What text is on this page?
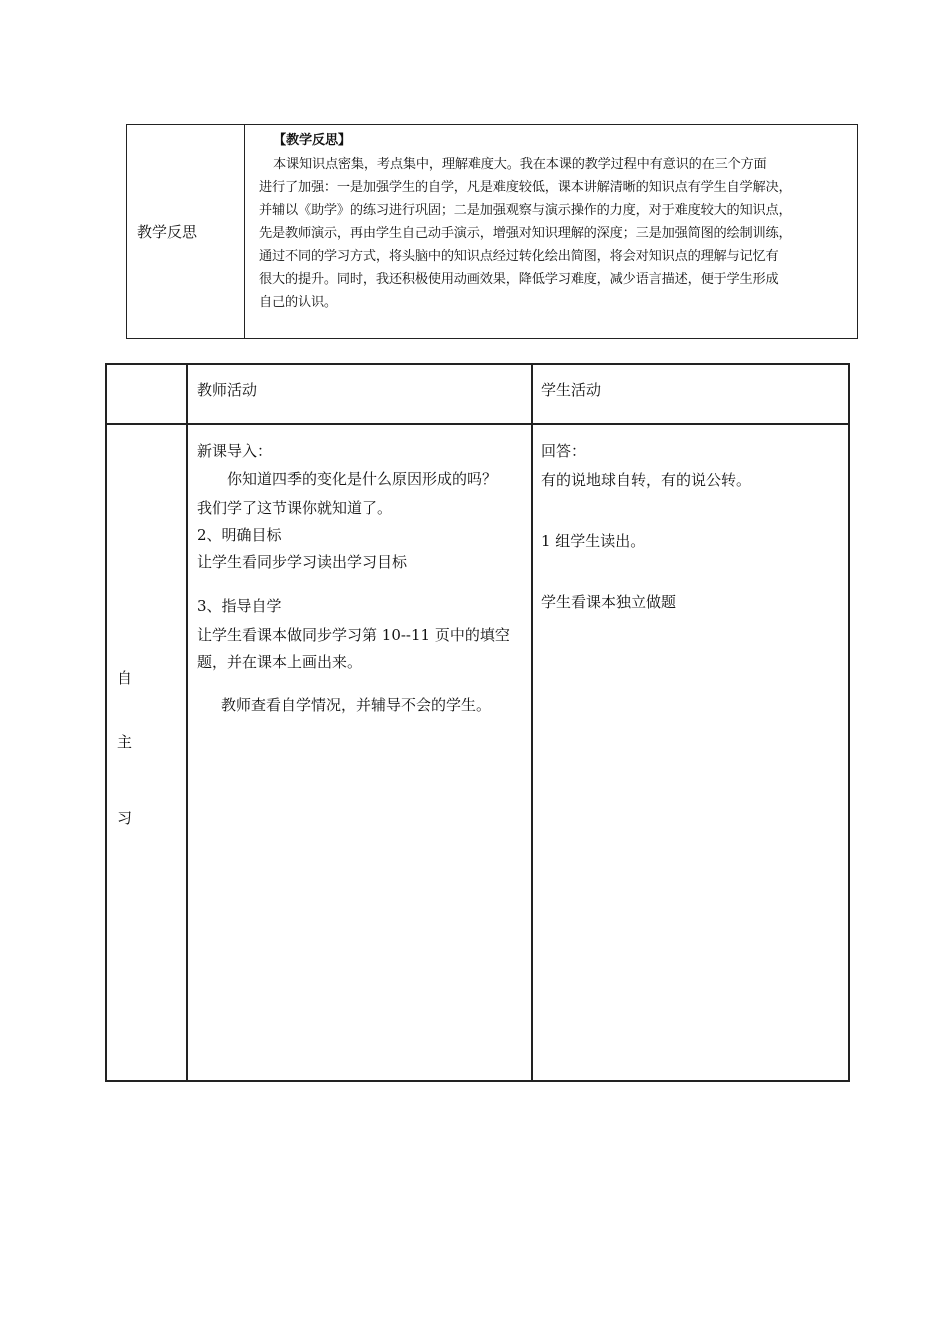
教学反思
【教学反思】
本课知识点密集，考点集中，理解难度大。我在本课的教学过程中有意识的在三个方面
进行了加强：一是加强学生的自学，凡是难度较低，课本讲解清晰的知识点有学生自学解决，
并辅以《助学》的练习进行巩固；二是加强观察与演示操作的力度，对于难度较大的知识点，
先是教师演示，再由学生自己动手演示，增强对知识理解的深度；三是加强简图的绘制训练，
通过不同的学习方式，将头脑中的知识点经过转化绘出简图，将会对知识点的理解与记忆有
很大的提升。同时，我还积极使用动画效果，降低学习难度，减少语言描述，便于学生形成
自己的认识。
教师活动	学生活动
自
主
习

新课导入：

你知道四季的变化是什么原因形成的吗？

我们学了这节课你就知道了。

2、明确目标

让学生看同步学习读出学习目标

3、指导自学

让学生看课本做同步学习第 10--11 页中的填空题，并在课本上画出来。

教师查看自学情况，并辅导不会的学生。

回答：

有的说地球自转，有的说公转。

1 组学生读出。

学生看课本独立做题
